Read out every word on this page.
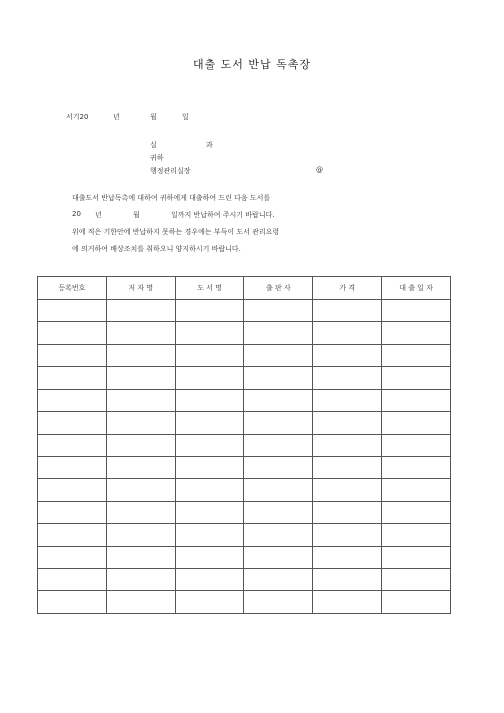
대출 도서 반납 독촉장
서기20	년	월	일
실	과
귀하
행정관리실장	@
대출도서 반납독촉에 대하여 귀하에게 대출하여 드린 다음 도서를
20 년	월	일까지 반납하여 주시기 바랍니다.
위에 적은 기한안에 반납하지 못하는 경우에는 부득이 도서 관리요령
에 의거하여 배상조치를 취하오니 양지하시기 바랍니다.
등록번호	저 자 명	도 서 명	출 판 사	가 격	대 출 일 자
